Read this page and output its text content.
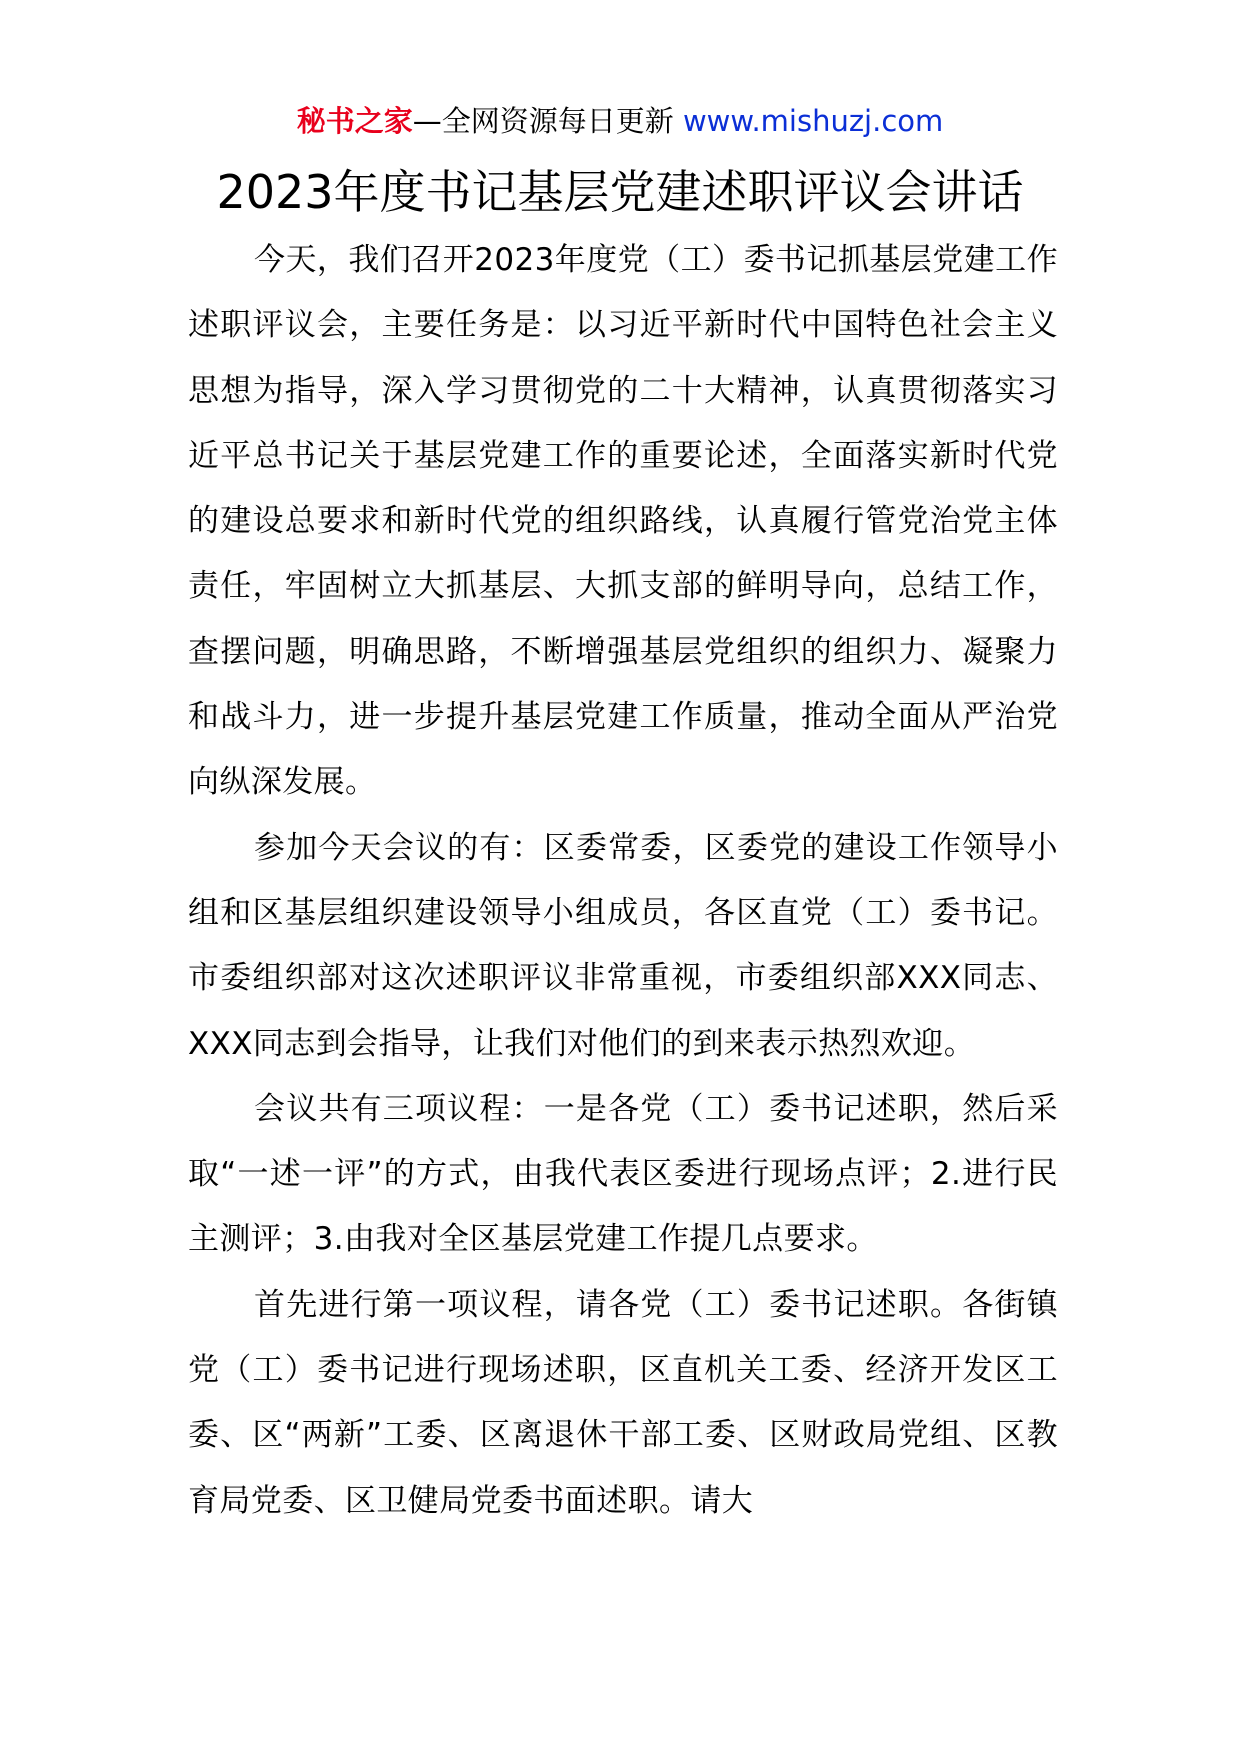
秘书之家—全网资源每日更新 www.mishuzj.com
2023年度书记基层党建述职评议会讲话

今天，我们召开2023年度党（工）委书记抓基层党建工作述职评议会，主要任务是：以习近平新时代中国特色社会主义思想为指导，深入学习贯彻党的二十大精神，认真贯彻落实习近平总书记关于基层党建工作的重要论述，全面落实新时代党的建设总要求和新时代党的组织路线，认真履行管党治党主体责任，牢固树立大抓基层、大抓支部的鲜明导向，总结工作，查摆问题，明确思路，不断增强基层党组织的组织力、凝聚力和战斗力，进一步提升基层党建工作质量，推动全面从严治党向纵深发展。

参加今天会议的有：区委常委，区委党的建设工作领导小组和区基层组织建设领导小组成员，各区直党（工）委书记。市委组织部对这次述职评议非常重视，市委组织部XXX同志、XXX同志到会指导，让我们对他们的到来表示热烈欢迎。

会议共有三项议程：一是各党（工）委书记述职，然后采取“一述一评”的方式，由我代表区委进行现场点评；2.进行民主测评；3.由我对全区基层党建工作提几点要求。

首先进行第一项议程，请各党（工）委书记述职。各街镇党（工）委书记进行现场述职，区直机关工委、经济开发区工委、区“两新”工委、区离退休干部工委、区财政局党组、区教育局党委、区卫健局党委书面述职。请大
